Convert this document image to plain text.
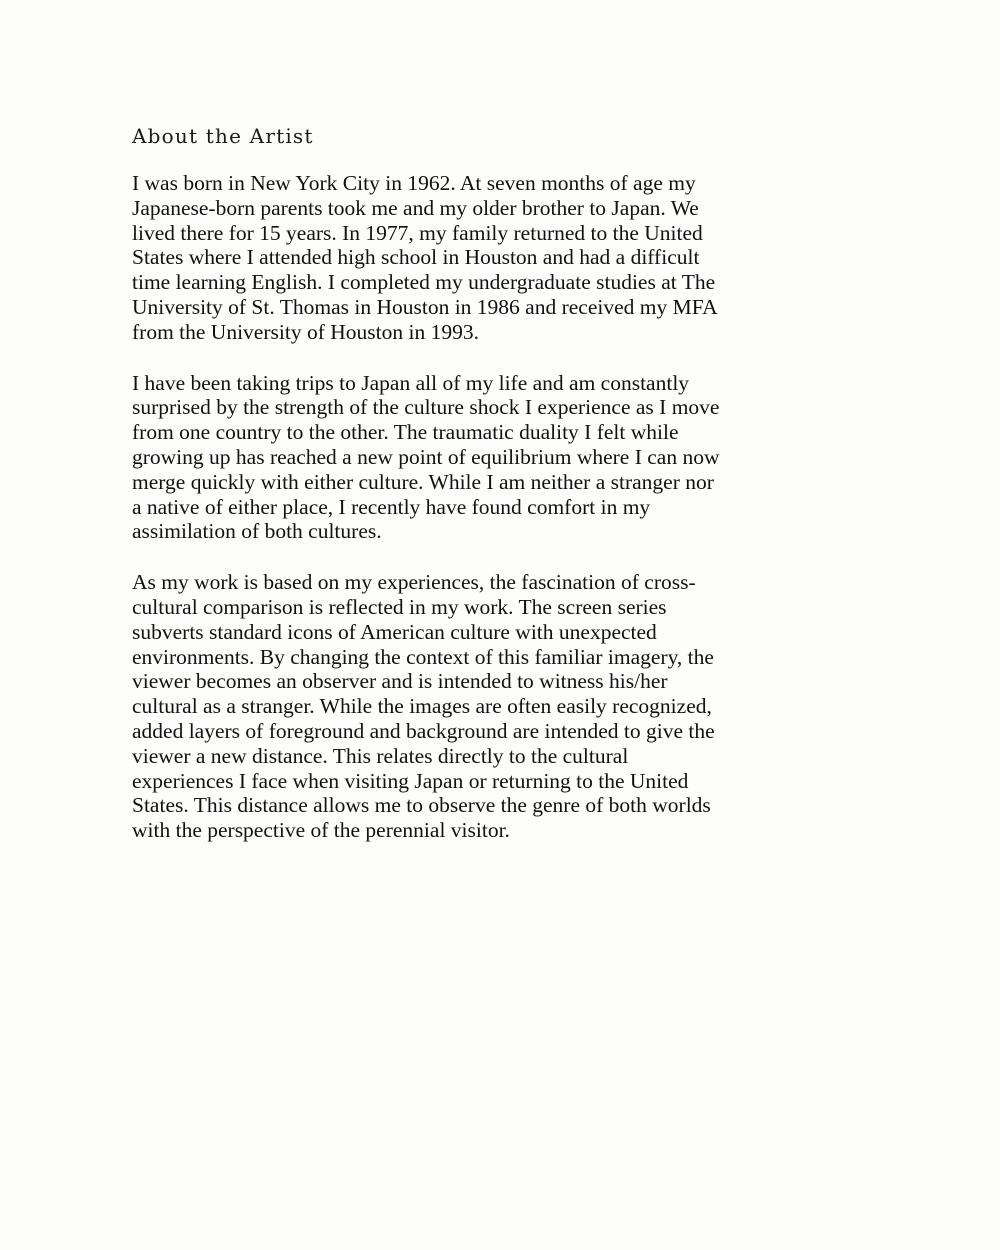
About the Artist

I was born in New York City in 1962. At seven months of age my
Japanese-born parents took me and my older brother to Japan. We
lived there for 15 years. In 1977, my family returned to the United
States where I attended high school in Houston and had a difficult
time learning English. I completed my undergraduate studies at The
University of St. Thomas in Houston in 1986 and received my MFA
from the University of Houston in 1993.

I have been taking trips to Japan all of my life and am constantly
surprised by the strength of the culture shock I experience as I move
from one country to the other. The traumatic duality I felt while
growing up has reached a new point of equilibrium where I can now
merge quickly with either culture. While I am neither a stranger nor
a native of either place, I recently have found comfort in my
assimilation of both cultures.

As my work is based on my experiences, the fascination of cross-
cultural comparison is reflected in my work. The screen series
subverts standard icons of American culture with unexpected
environments. By changing the context of this familiar imagery, the
viewer becomes an observer and is intended to witness his/her
cultural as a stranger. While the images are often easily recognized,
added layers of foreground and background are intended to give the
viewer a new distance. This relates directly to the cultural
experiences I face when visiting Japan or returning to the United
States. This distance allows me to observe the genre of both worlds
with the perspective of the perennial visitor.
